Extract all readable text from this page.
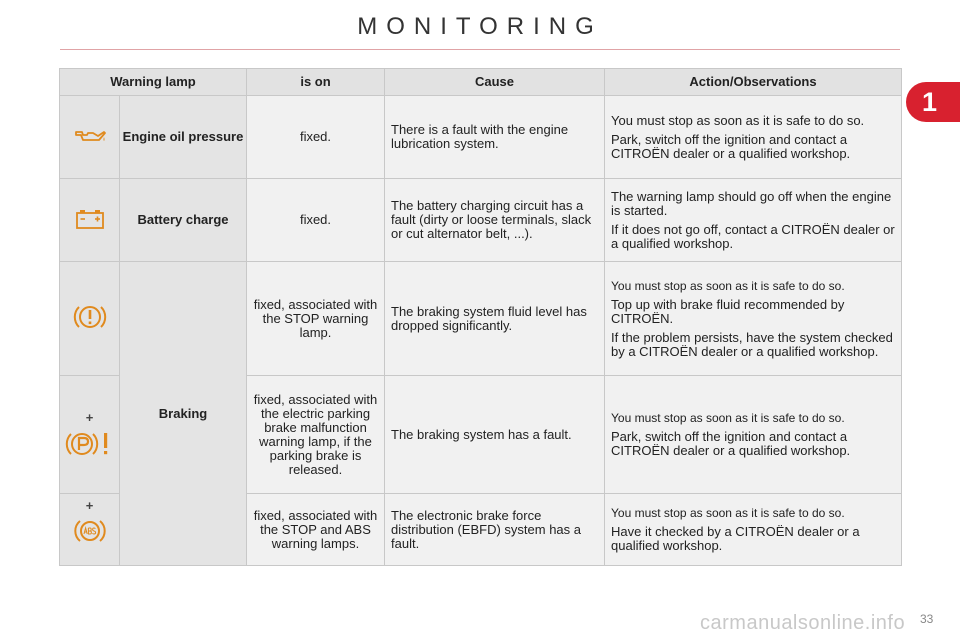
MONITORING
1
Warning lamp		is on	Cause	Action/Observations
	Engine oil pressure	fixed.	There is a fault with the engine lubrication system.	You must stop as soon as it is safe to do so.

Park, switch off the ignition and contact a CITROËN dealer or a qualified workshop.

	Battery charge	fixed.	The battery charging circuit has a fault (dirty or loose terminals, slack or cut alternator belt, ...).	The warning lamp should go off when the engine is started.

If it does not go off, contact a CITROËN dealer or a qualified workshop.

	Braking	fixed, associated with the STOP warning lamp.	The braking system fluid level has dropped significantly.	You must stop as soon as it is safe to do so.

Top up with brake fluid recommended by CITROËN.

If the problem persists, have the system checked by a CITROËN dealer or a qualified workshop.

+		fixed, associated with the electric parking brake malfunction warning lamp, if the parking brake is released.	The braking system has a fault.	You must stop as soon as it is safe to do so.

Park, switch off the ignition and contact a CITROËN dealer or a qualified workshop.

+		fixed, associated with the STOP and ABS warning lamps.	The electronic brake force distribution (EBFD) system has a fault.	You must stop as soon as it is safe to do so.

Have it checked by a CITROËN dealer or a qualified workshop.

carmanualsonline.info 33
